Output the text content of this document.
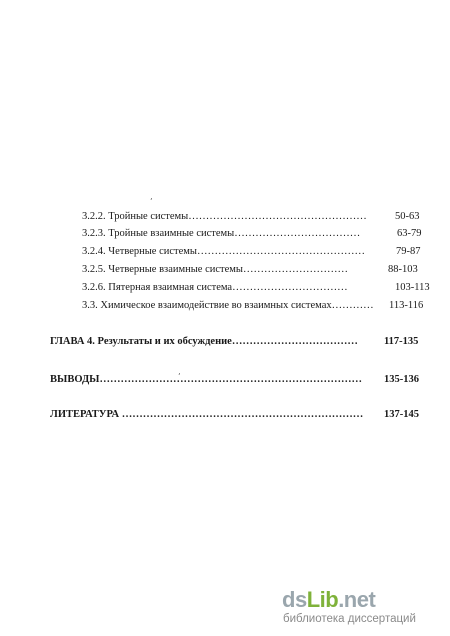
‚
‚
3.2.2. Тройные системы……………………………………………	50-63
3.2.3. Тройные взаимные системы………………………………	63-79
3.2.4. Четверные системы…………………………………………	79-87
3.2.5. Четверные взаимные системы…………………………	88-103
3.2.6. Пятерная взаимная система……………………………	103-113
3.3. Химическое взаимодействие во взаимных системах………… 113-116
ГЛАВА 4. Результаты и их обсуждение……………………………… 117-135
ВЫВОДЫ………………………………………………………………… 135-136
ЛИТЕРАТУРА …………………………………………………………… 137-145
dsLib.net
библиотека диссертаций
